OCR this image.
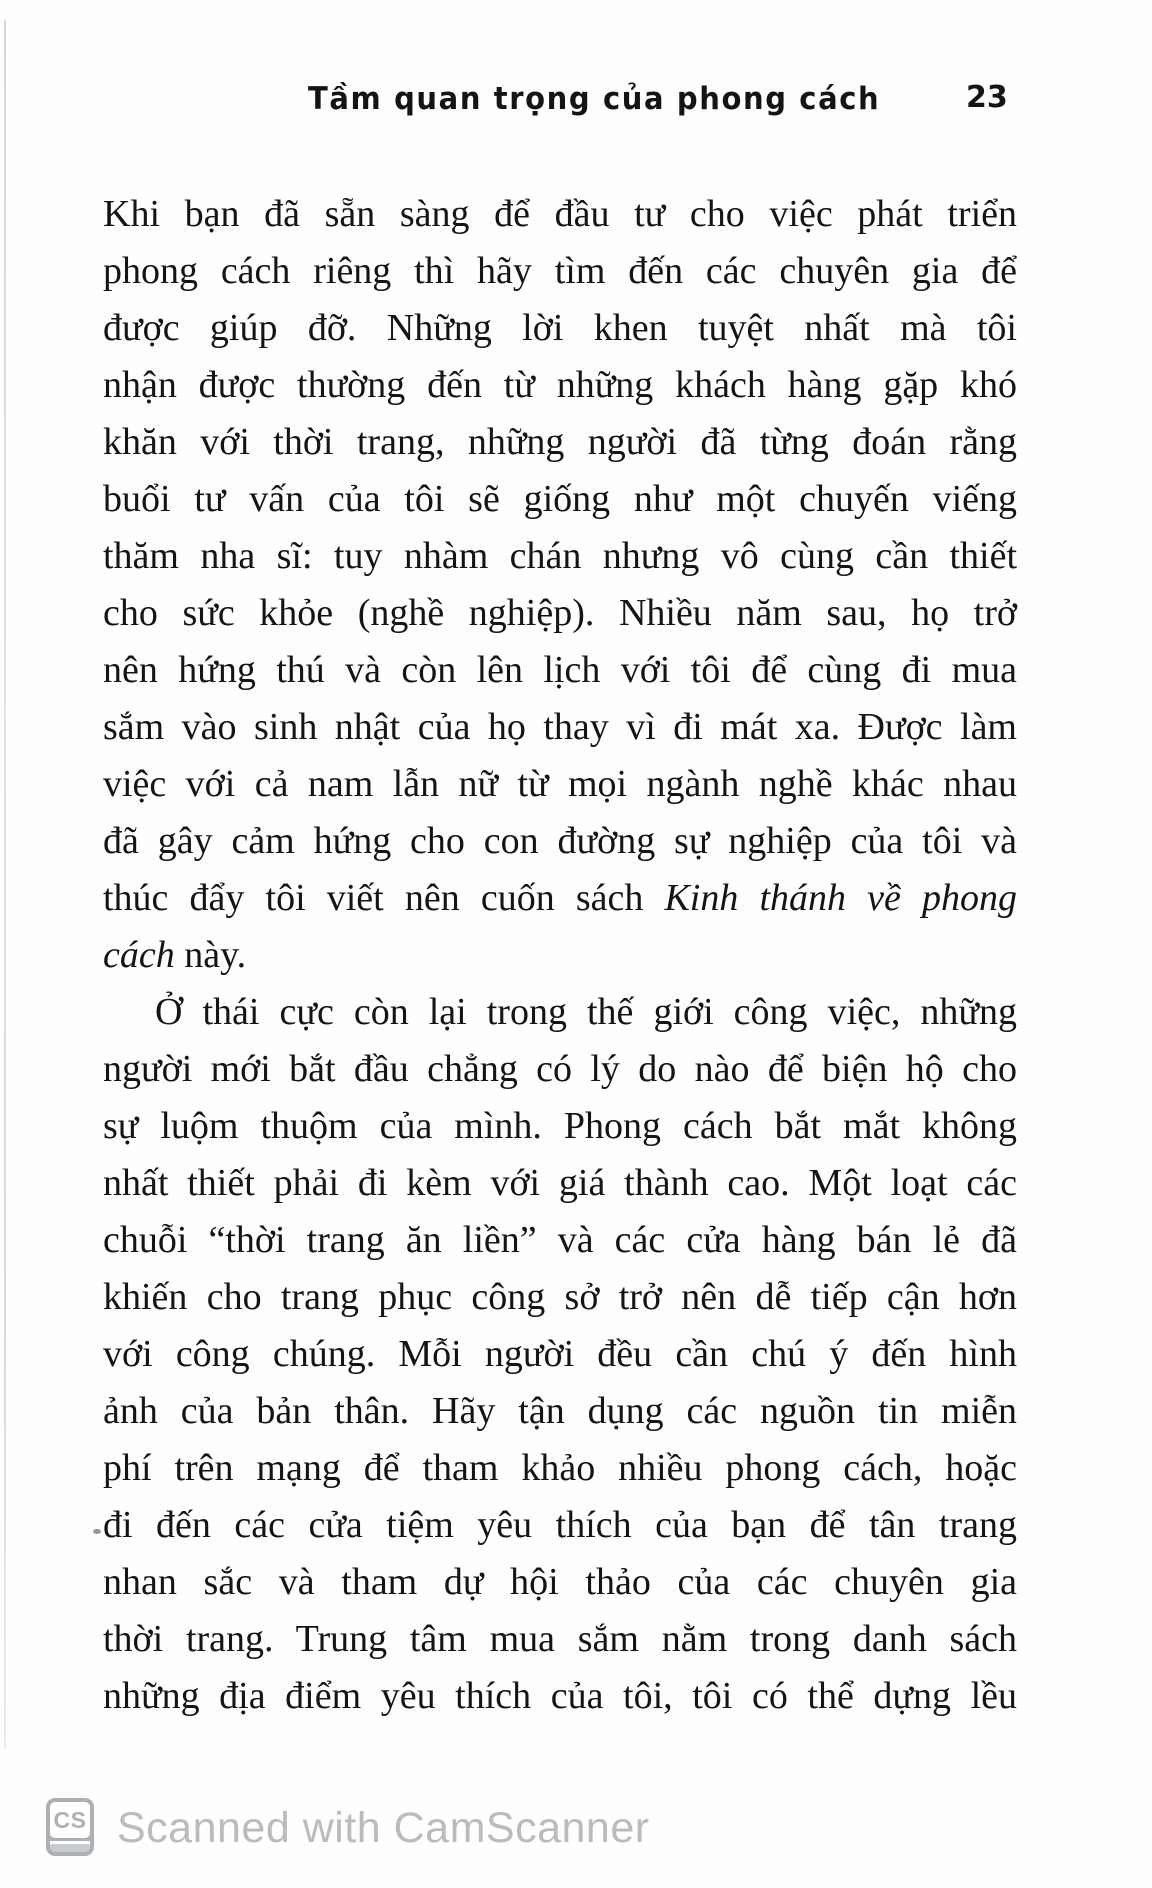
Tầm quan trọng của phong cách	23
Khi bạn đã sẵn sàng để đầu tư cho việc phát triển
phong cách riêng thì hãy tìm đến các chuyên gia để
được giúp đỡ. Những lời khen tuyệt nhất mà tôi
nhận được thường đến từ những khách hàng gặp khó
khăn với thời trang, những người đã từng đoán rằng
buổi tư vấn của tôi sẽ giống như một chuyến viếng
thăm nha sĩ: tuy nhàm chán nhưng vô cùng cần thiết
cho sức khỏe (nghề nghiệp). Nhiều năm sau, họ trở
nên hứng thú và còn lên lịch với tôi để cùng đi mua
sắm vào sinh nhật của họ thay vì đi mát xa. Được làm
việc với cả nam lẫn nữ từ mọi ngành nghề khác nhau
đã gây cảm hứng cho con đường sự nghiệp của tôi và
thúc đẩy tôi viết nên cuốn sách Kinh thánh về phong
cách này.
Ở thái cực còn lại trong thế giới công việc, những
người mới bắt đầu chẳng có lý do nào để biện hộ cho
sự luộm thuộm của mình. Phong cách bắt mắt không
nhất thiết phải đi kèm với giá thành cao. Một loạt các
chuỗi “thời trang ăn liền” và các cửa hàng bán lẻ đã
khiến cho trang phục công sở trở nên dễ tiếp cận hơn
với công chúng. Mỗi người đều cần chú ý đến hình
ảnh của bản thân. Hãy tận dụng các nguồn tin miễn
phí trên mạng để tham khảo nhiều phong cách, hoặc
đi đến các cửa tiệm yêu thích của bạn để tân trang
nhan sắc và tham dự hội thảo của các chuyên gia
thời trang. Trung tâm mua sắm nằm trong danh sách
những địa điểm yêu thích của tôi, tôi có thể dựng lều
CS Scanned with CamScanner
